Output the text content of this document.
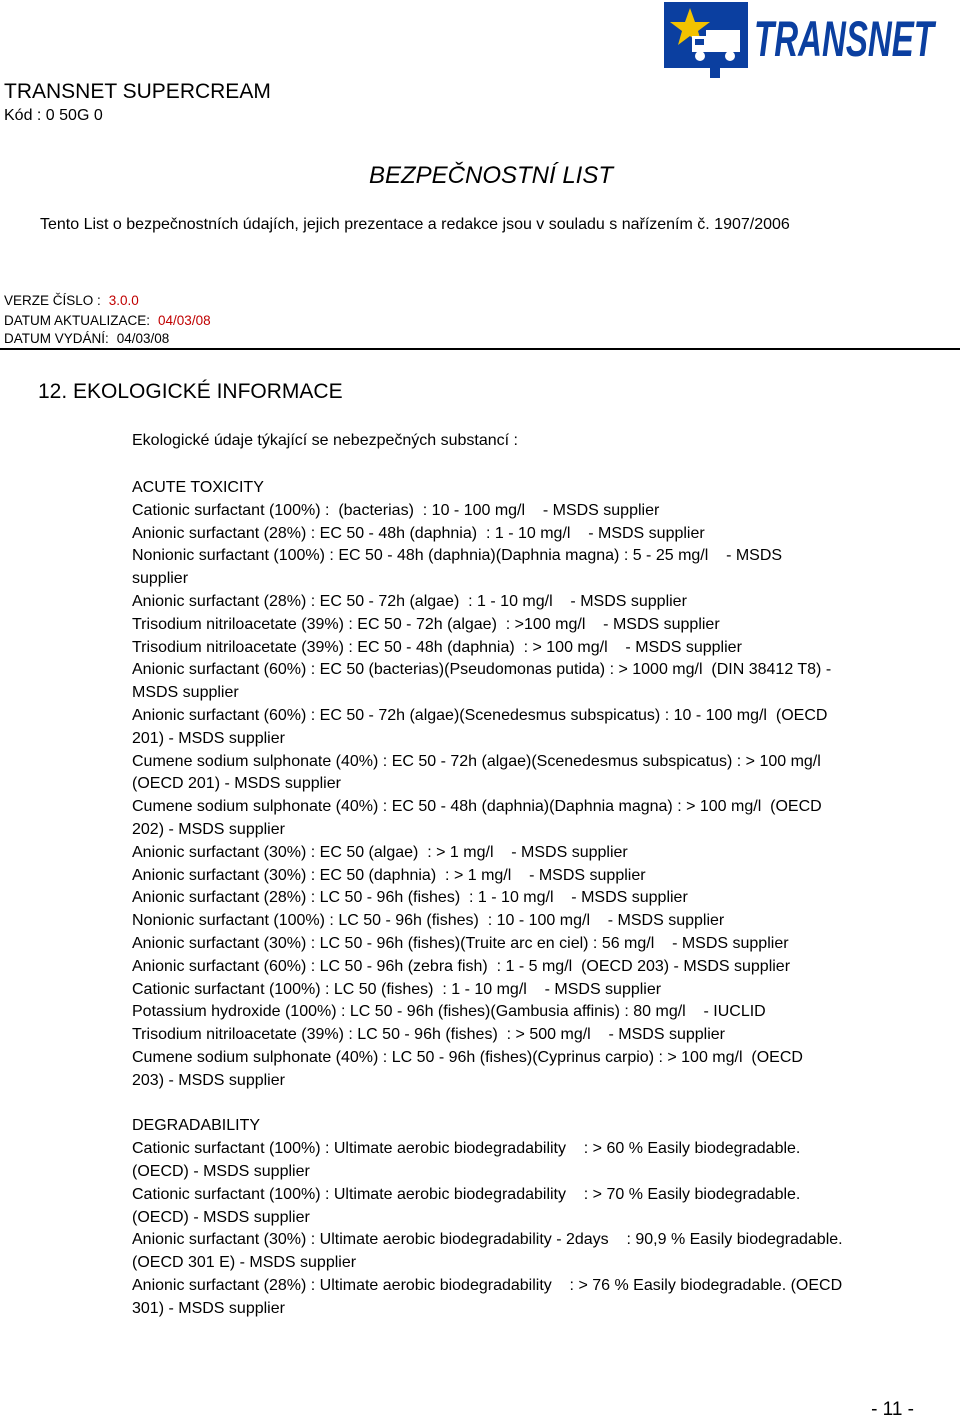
TRANSNET
TRANSNET SUPERCREAM
Kód : 0 50G 0
BEZPEČNOSTNÍ LIST
Tento List o bezpečnostních údajích, jejich prezentace a redakce jsou v souladu s nařízením č. 1907/2006
VERZE ČÍSLO : 3.0.0
DATUM AKTUALIZACE: 04/03/08
DATUM VYDÁNÍ: 04/03/08
12. EKOLOGICKÉ INFORMACE
Ekologické údaje týkající se nebezpečných substancí :
ACUTE TOXICITY
Cationic surfactant (100%) :  (bacterias)  : 10 - 100 mg/l    - MSDS supplier
Anionic surfactant (28%) : EC 50 - 48h (daphnia)  : 1 - 10 mg/l    - MSDS supplier
Nonionic surfactant (100%) : EC 50 - 48h (daphnia)(Daphnia magna) : 5 - 25 mg/l    - MSDS
supplier
Anionic surfactant (28%) : EC 50 - 72h (algae)  : 1 - 10 mg/l    - MSDS supplier
Trisodium nitriloacetate (39%) : EC 50 - 72h (algae)  : >100 mg/l    - MSDS supplier
Trisodium nitriloacetate (39%) : EC 50 - 48h (daphnia)  : > 100 mg/l    - MSDS supplier
Anionic surfactant (60%) : EC 50 (bacterias)(Pseudomonas putida) : > 1000 mg/l  (DIN 38412 T8) -
MSDS supplier
Anionic surfactant (60%) : EC 50 - 72h (algae)(Scenedesmus subspicatus) : 10 - 100 mg/l  (OECD
201) - MSDS supplier
Cumene sodium sulphonate (40%) : EC 50 - 72h (algae)(Scenedesmus subspicatus) : > 100 mg/l
(OECD 201) - MSDS supplier
Cumene sodium sulphonate (40%) : EC 50 - 48h (daphnia)(Daphnia magna) : > 100 mg/l  (OECD
202) - MSDS supplier
Anionic surfactant (30%) : EC 50 (algae)  : > 1 mg/l    - MSDS supplier
Anionic surfactant (30%) : EC 50 (daphnia)  : > 1 mg/l    - MSDS supplier
Anionic surfactant (28%) : LC 50 - 96h (fishes)  : 1 - 10 mg/l    - MSDS supplier
Nonionic surfactant (100%) : LC 50 - 96h (fishes)  : 10 - 100 mg/l    - MSDS supplier
Anionic surfactant (30%) : LC 50 - 96h (fishes)(Truite arc en ciel) : 56 mg/l    - MSDS supplier
Anionic surfactant (60%) : LC 50 - 96h (zebra fish)  : 1 - 5 mg/l  (OECD 203) - MSDS supplier
Cationic surfactant (100%) : LC 50 (fishes)  : 1 - 10 mg/l    - MSDS supplier
Potassium hydroxide (100%) : LC 50 - 96h (fishes)(Gambusia affinis) : 80 mg/l    - IUCLID
Trisodium nitriloacetate (39%) : LC 50 - 96h (fishes)  : > 500 mg/l    - MSDS supplier
Cumene sodium sulphonate (40%) : LC 50 - 96h (fishes)(Cyprinus carpio) : > 100 mg/l  (OECD
203) - MSDS supplier
DEGRADABILITY
Cationic surfactant (100%) : Ultimate aerobic biodegradability    : > 60 % Easily biodegradable.
(OECD) - MSDS supplier
Cationic surfactant (100%) : Ultimate aerobic biodegradability    : > 70 % Easily biodegradable.
(OECD) - MSDS supplier
Anionic surfactant (30%) : Ultimate aerobic biodegradability - 2days    : 90,9 % Easily biodegradable.
(OECD 301 E) - MSDS supplier
Anionic surfactant (28%) : Ultimate aerobic biodegradability    : > 76 % Easily biodegradable. (OECD
301) - MSDS supplier
- 11 -
